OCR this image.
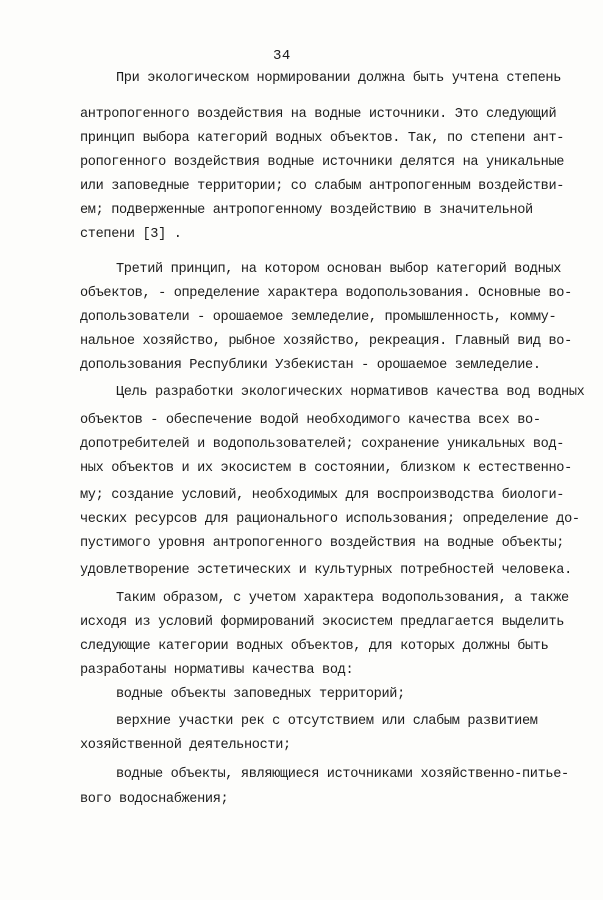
34
При экологическом нормировании должна быть учтена степень
антропогенного воздействия на водные источники. Это следующий
принцип выбора категорий водных объектов. Так, по степени ант-
ропогенного воздействия водные источники делятся на уникальные
или заповедные территории; со слабым антропогенным воздействи-
ем; подверженные антропогенному воздействию в значительной
степени [3] .
Третий принцип, на котором основан выбор категорий водных
объектов, - определение характера водопользования. Основные во-
допользователи - орошаемое земледелие, промышленность, комму-
нальное хозяйство, рыбное хозяйство, рекреация. Главный вид во-
допользования Республики Узбекистан - орошаемое земледелие.
Цель разработки экологических нормативов качества вод водных
объектов - обеспечение водой необходимого качества всех во-
допотребителей и водопользователей; сохранение уникальных вод-
ных объектов и их экосистем в состоянии, близком к естественно-
му; создание условий, необходимых для воспроизводства биологи-
ческих ресурсов для рационального использования; определение до-
пустимого уровня антропогенного воздействия на водные объекты;
удовлетворение эстетических и культурных потребностей человека.
Таким образом, с учетом характера водопользования, а также
исходя из условий формирований экосистем предлагается выделить
следующие категории водных объектов, для которых должны быть
разработаны нормативы качества вод:
водные объекты заповедных территорий;
верхние участки рек с отсутствием или слабым развитием
хозяйственной деятельности;
водные объекты, являющиеся источниками хозяйственно-питье-
вого водоснабжения;
